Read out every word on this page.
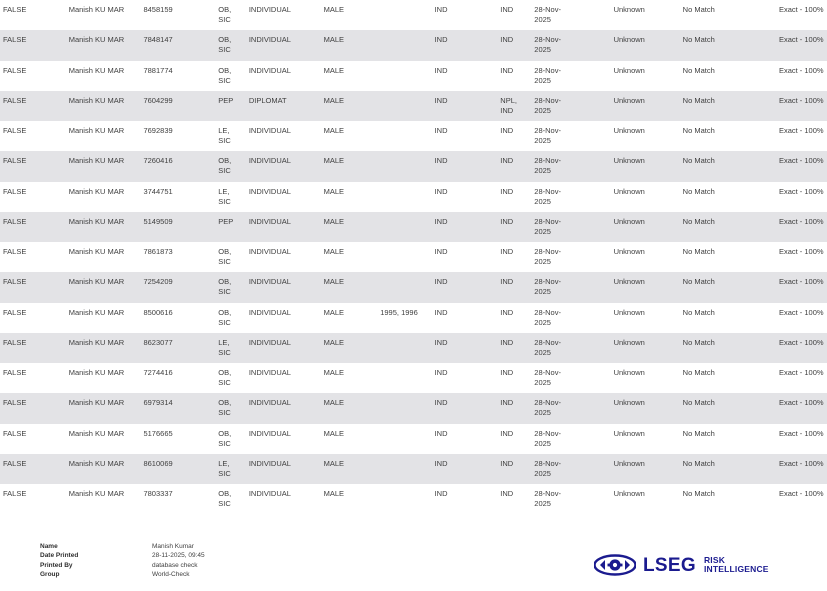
FALSE	Manish KU MAR	8458159	OB, SIC	INDIVIDUAL	MALE		IND	IND	28-Nov-2025		Unknown	No Match	Exact - 100%
FALSE	Manish KU MAR	7848147	OB, SIC	INDIVIDUAL	MALE		IND	IND	28-Nov-2025		Unknown	No Match	Exact - 100%
FALSE	Manish KU MAR	7881774	OB, SIC	INDIVIDUAL	MALE		IND	IND	28-Nov-2025		Unknown	No Match	Exact - 100%
FALSE	Manish KU MAR	7604299	PEP	DIPLOMAT	MALE		IND	NPL, IND	28-Nov-2025		Unknown	No Match	Exact - 100%
FALSE	Manish KU MAR	7692839	LE, SIC	INDIVIDUAL	MALE		IND	IND	28-Nov-2025		Unknown	No Match	Exact - 100%
FALSE	Manish KU MAR	7260416	OB, SIC	INDIVIDUAL	MALE		IND	IND	28-Nov-2025		Unknown	No Match	Exact - 100%
FALSE	Manish KU MAR	3744751	LE, SIC	INDIVIDUAL	MALE		IND	IND	28-Nov-2025		Unknown	No Match	Exact - 100%
FALSE	Manish KU MAR	5149509	PEP	INDIVIDUAL	MALE		IND	IND	28-Nov-2025		Unknown	No Match	Exact - 100%
FALSE	Manish KU MAR	7861873	OB, SIC	INDIVIDUAL	MALE		IND	IND	28-Nov-2025		Unknown	No Match	Exact - 100%
FALSE	Manish KU MAR	7254209	OB, SIC	INDIVIDUAL	MALE		IND	IND	28-Nov-2025		Unknown	No Match	Exact - 100%
FALSE	Manish KU MAR	8500616	OB, SIC	INDIVIDUAL	MALE	1995, 1996	IND	IND	28-Nov-2025		Unknown	No Match	Exact - 100%
FALSE	Manish KU MAR	8623077	LE, SIC	INDIVIDUAL	MALE		IND	IND	28-Nov-2025		Unknown	No Match	Exact - 100%
FALSE	Manish KU MAR	7274416	OB, SIC	INDIVIDUAL	MALE		IND	IND	28-Nov-2025		Unknown	No Match	Exact - 100%
FALSE	Manish KU MAR	6979314	OB, SIC	INDIVIDUAL	MALE		IND	IND	28-Nov-2025		Unknown	No Match	Exact - 100%
FALSE	Manish KU MAR	5176665	OB, SIC	INDIVIDUAL	MALE		IND	IND	28-Nov-2025		Unknown	No Match	Exact - 100%
FALSE	Manish KU MAR	8610069	LE, SIC	INDIVIDUAL	MALE		IND	IND	28-Nov-2025		Unknown	No Match	Exact - 100%
FALSE	Manish KU MAR	7803337	OB, SIC	INDIVIDUAL	MALE		IND	IND	28-Nov-2025		Unknown	No Match	Exact - 100%
Name	Manish Kumar
Date Printed	28-11-2025, 09:45
Printed By	database check
Group	World-Check	LSEG RISK
INTELLIGENCE
